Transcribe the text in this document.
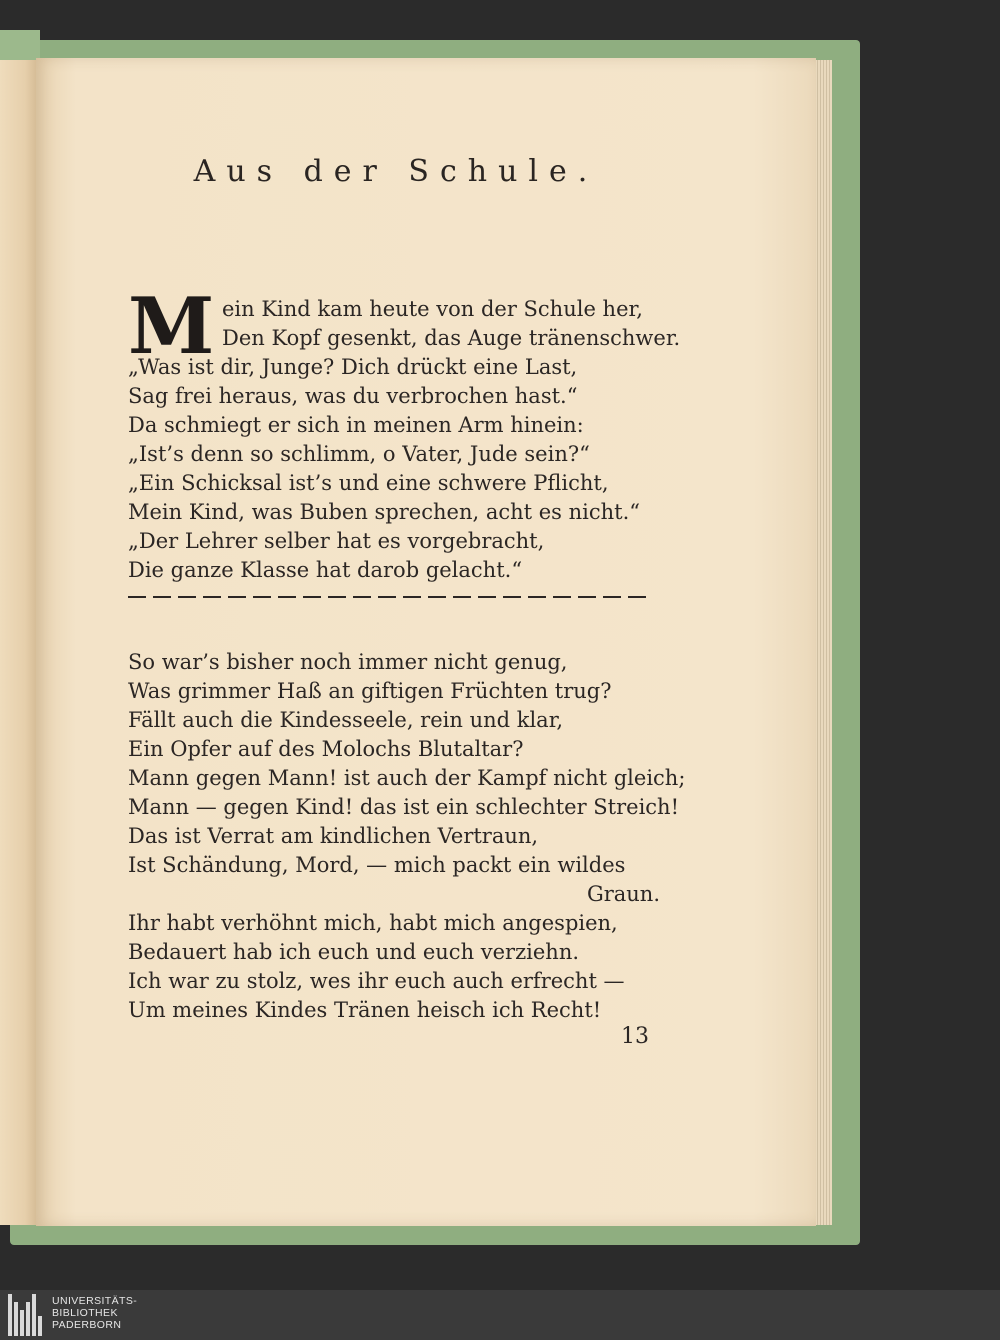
Aus der Schule.
M ein Kind kam heute von der Schule her,
Den Kopf gesenkt, das Auge tränenschwer.
„Was ist dir, Junge? Dich drückt eine Last,
Sag frei heraus, was du verbrochen hast.“
Da schmiegt er sich in meinen Arm hinein:
„Ist’s denn so schlimm, o Vater, Jude sein?“
„Ein Schicksal ist’s und eine schwere Pflicht,
Mein Kind, was Buben sprechen, acht es nicht.“
„Der Lehrer selber hat es vorgebracht,
Die ganze Klasse hat darob gelacht.“
So war’s bisher noch immer nicht genug,
Was grimmer Haß an giftigen Früchten trug?
Fällt auch die Kindesseele, rein und klar,
Ein Opfer auf des Molochs Blutaltar?
Mann gegen Mann! ist auch der Kampf nicht gleich;
Mann — gegen Kind! das ist ein schlechter Streich!
Das ist Verrat am kindlichen Vertraun,
Ist Schändung, Mord, — mich packt ein wildes
Graun.
Ihr habt verhöhnt mich, habt mich angespien,
Bedauert hab ich euch und euch verziehn.
Ich war zu stolz, wes ihr euch auch erfrecht —
Um meines Kindes Tränen heisch ich Recht!
13
UNIVERSITÄTS-
BIBLIOTHEK
PADERBORN
